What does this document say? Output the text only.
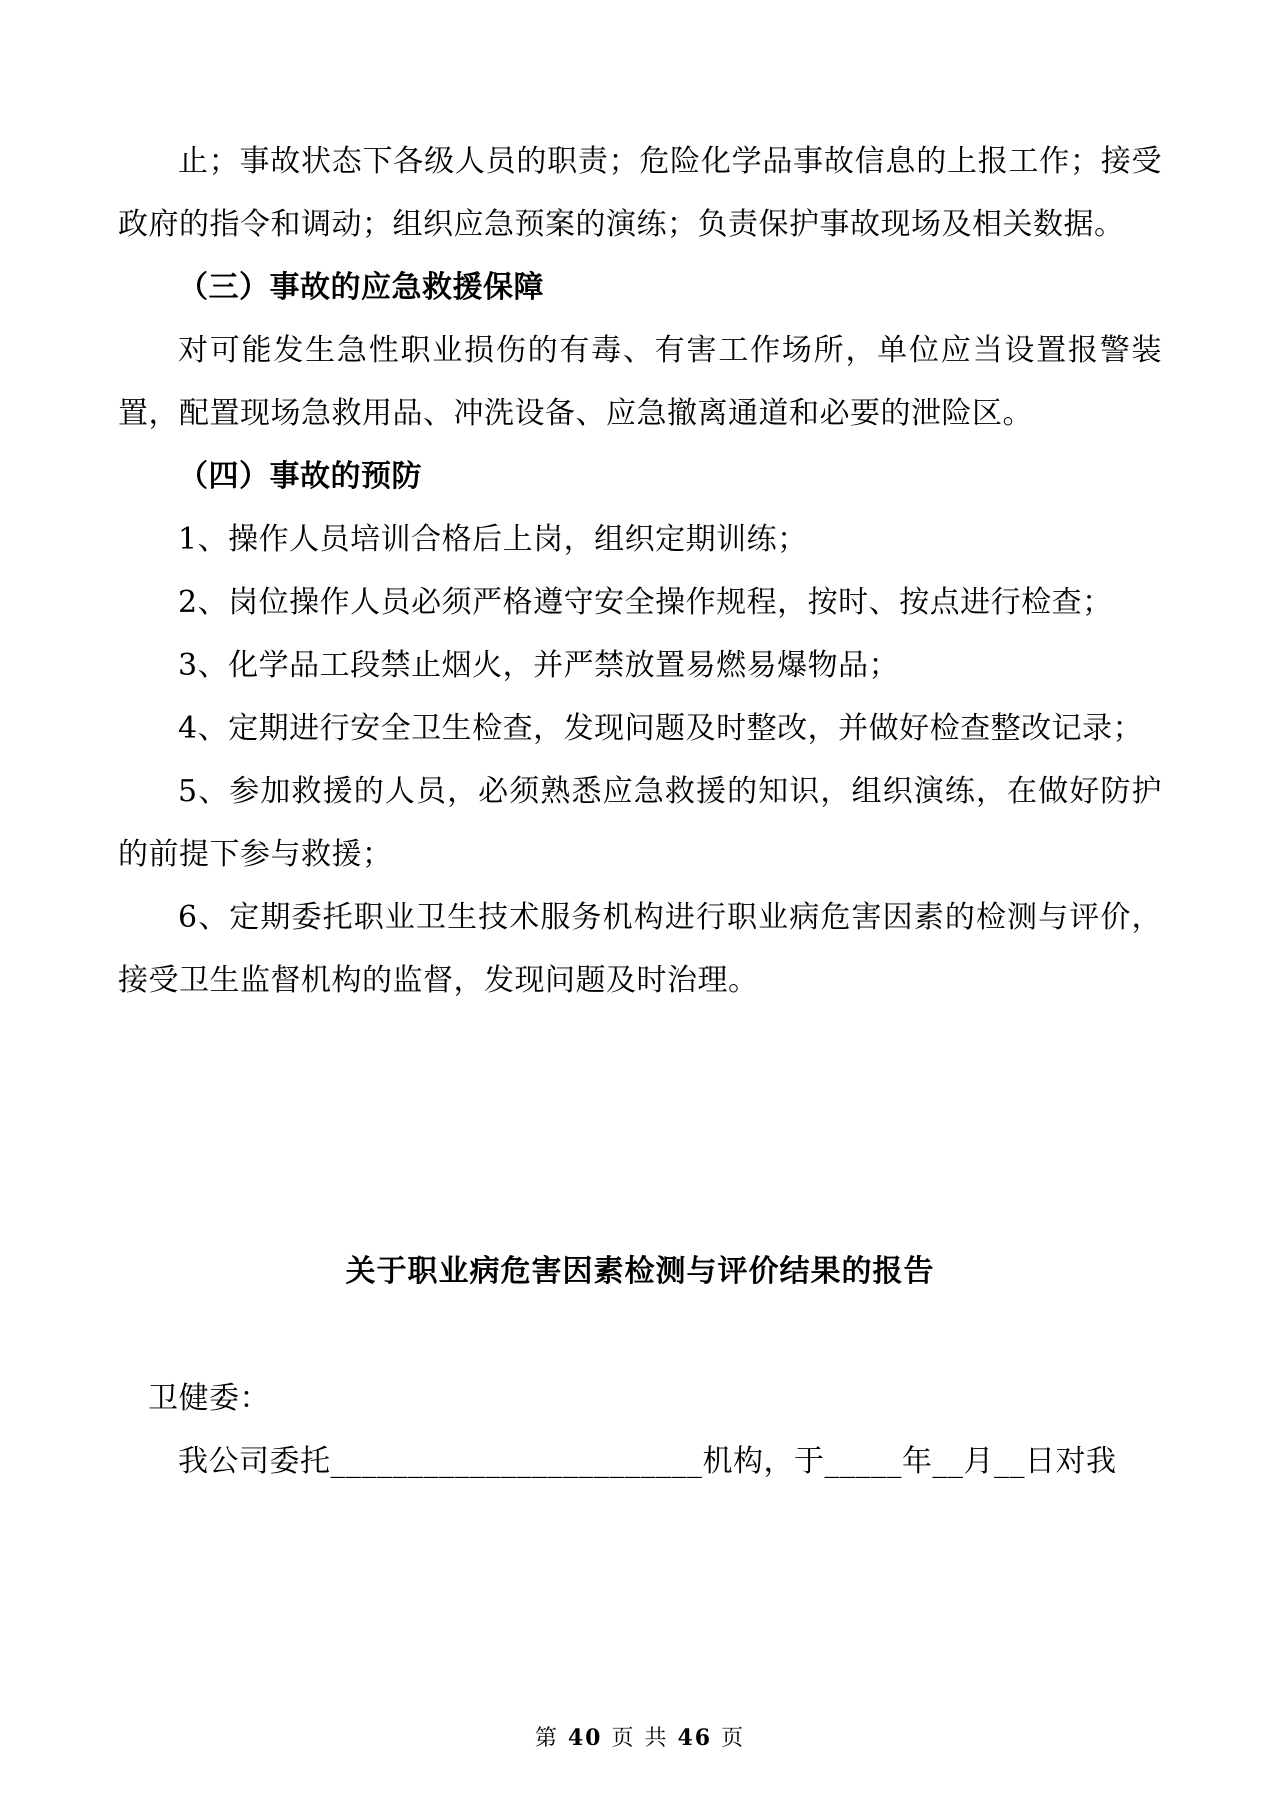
止；事故状态下各级人员的职责；危险化学品事故信息的上报工作；接受政府的指令和调动；组织应急预案的演练；负责保护事故现场及相关数据。

（三）事故的应急救援保障

对可能发生急性职业损伤的有毒、有害工作场所，单位应当设置报警装置，配置现场急救用品、冲洗设备、应急撤离通道和必要的泄险区。

（四）事故的预防

1、操作人员培训合格后上岗，组织定期训练；

2、岗位操作人员必须严格遵守安全操作规程，按时、按点进行检查；

3、化学品工段禁止烟火，并严禁放置易燃易爆物品；

4、定期进行安全卫生检查，发现问题及时整改，并做好检查整改记录；

5、参加救援的人员，必须熟悉应急救援的知识，组织演练，在做好防护的前提下参与救援；

6、定期委托职业卫生技术服务机构进行职业病危害因素的检测与评价，接受卫生监督机构的监督，发现问题及时治理。

关于职业病危害因素检测与评价结果的报告

卫健委：

我公司委托________________________机构，于_____年__月__日对我

第 40 页 共 46 页
